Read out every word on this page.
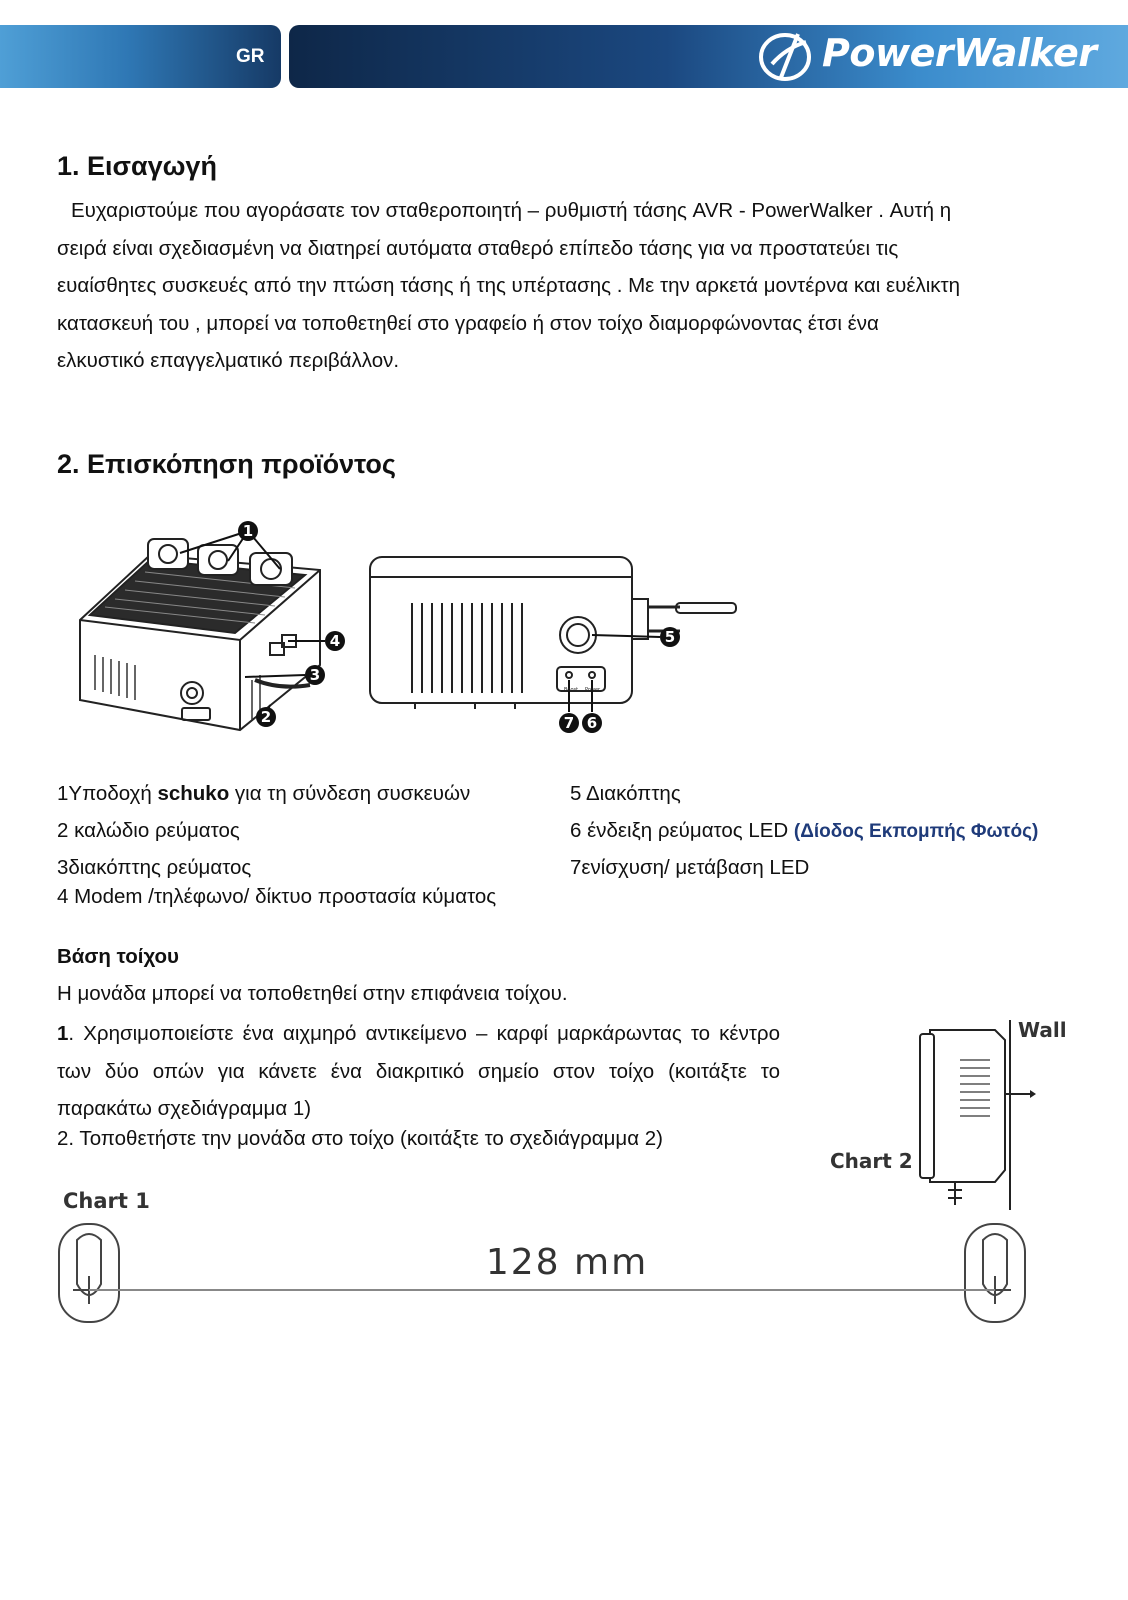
GR	PowerWalker
1. Εισαγωγή
Ευχαριστούμε που αγοράσατε τον σταθεροποιητή – ρυθμιστή τάσης AVR - PowerWalker . Αυτή η
σειρά είναι σχεδιασμένη να διατηρεί αυτόματα σταθερό επίπεδο τάσης για να προστατεύει τις
ευαίσθητες συσκευές από την πτώση τάσης ή της υπέρτασης . Με την αρκετά μοντέρνα και ευέλικτη
κατασκευή του , μπορεί να τοποθετηθεί στο γραφείο ή στον τοίχο διαμορφώνοντας έτσι ένα
ελκυστικό επαγγελματικό περιβάλλον.
2. Επισκόπηση προϊόντος
Boost Power
1
2
3
4	5
6
7
1Υποδοχή schuko για τη σύνδεση συσκευών
2 καλώδιο ρεύματος
3διακόπτης ρεύματος
4 Modem /τηλέφωνο/ δίκτυο προστασία κύματος
5 Διακόπτης
6 ένδειξη ρεύματος LED (Δίοδος Εκπομπής Φωτός)
7ενίσχυση/ μετάβαση LED

Βάση τοίχου

Η μονάδα μπορεί να τοποθετηθεί στην επιφάνεια τοίχου.

1. Χρησιμοποιείστε ένα αιχμηρό αντικείμενο – καρφί μαρκάρωντας το κέντρο των δύο οπών για κάνετε ένα διακριτικό σημείο στον τοίχο (κοιτάξτε το παρακάτω σχεδιάγραμμα 1)

2. Τοποθετήστε την μονάδα στο τοίχο (κοιτάξτε το σχεδιάγραμμα 2)

Wall
Chart 2
Chart 1
128 mm
